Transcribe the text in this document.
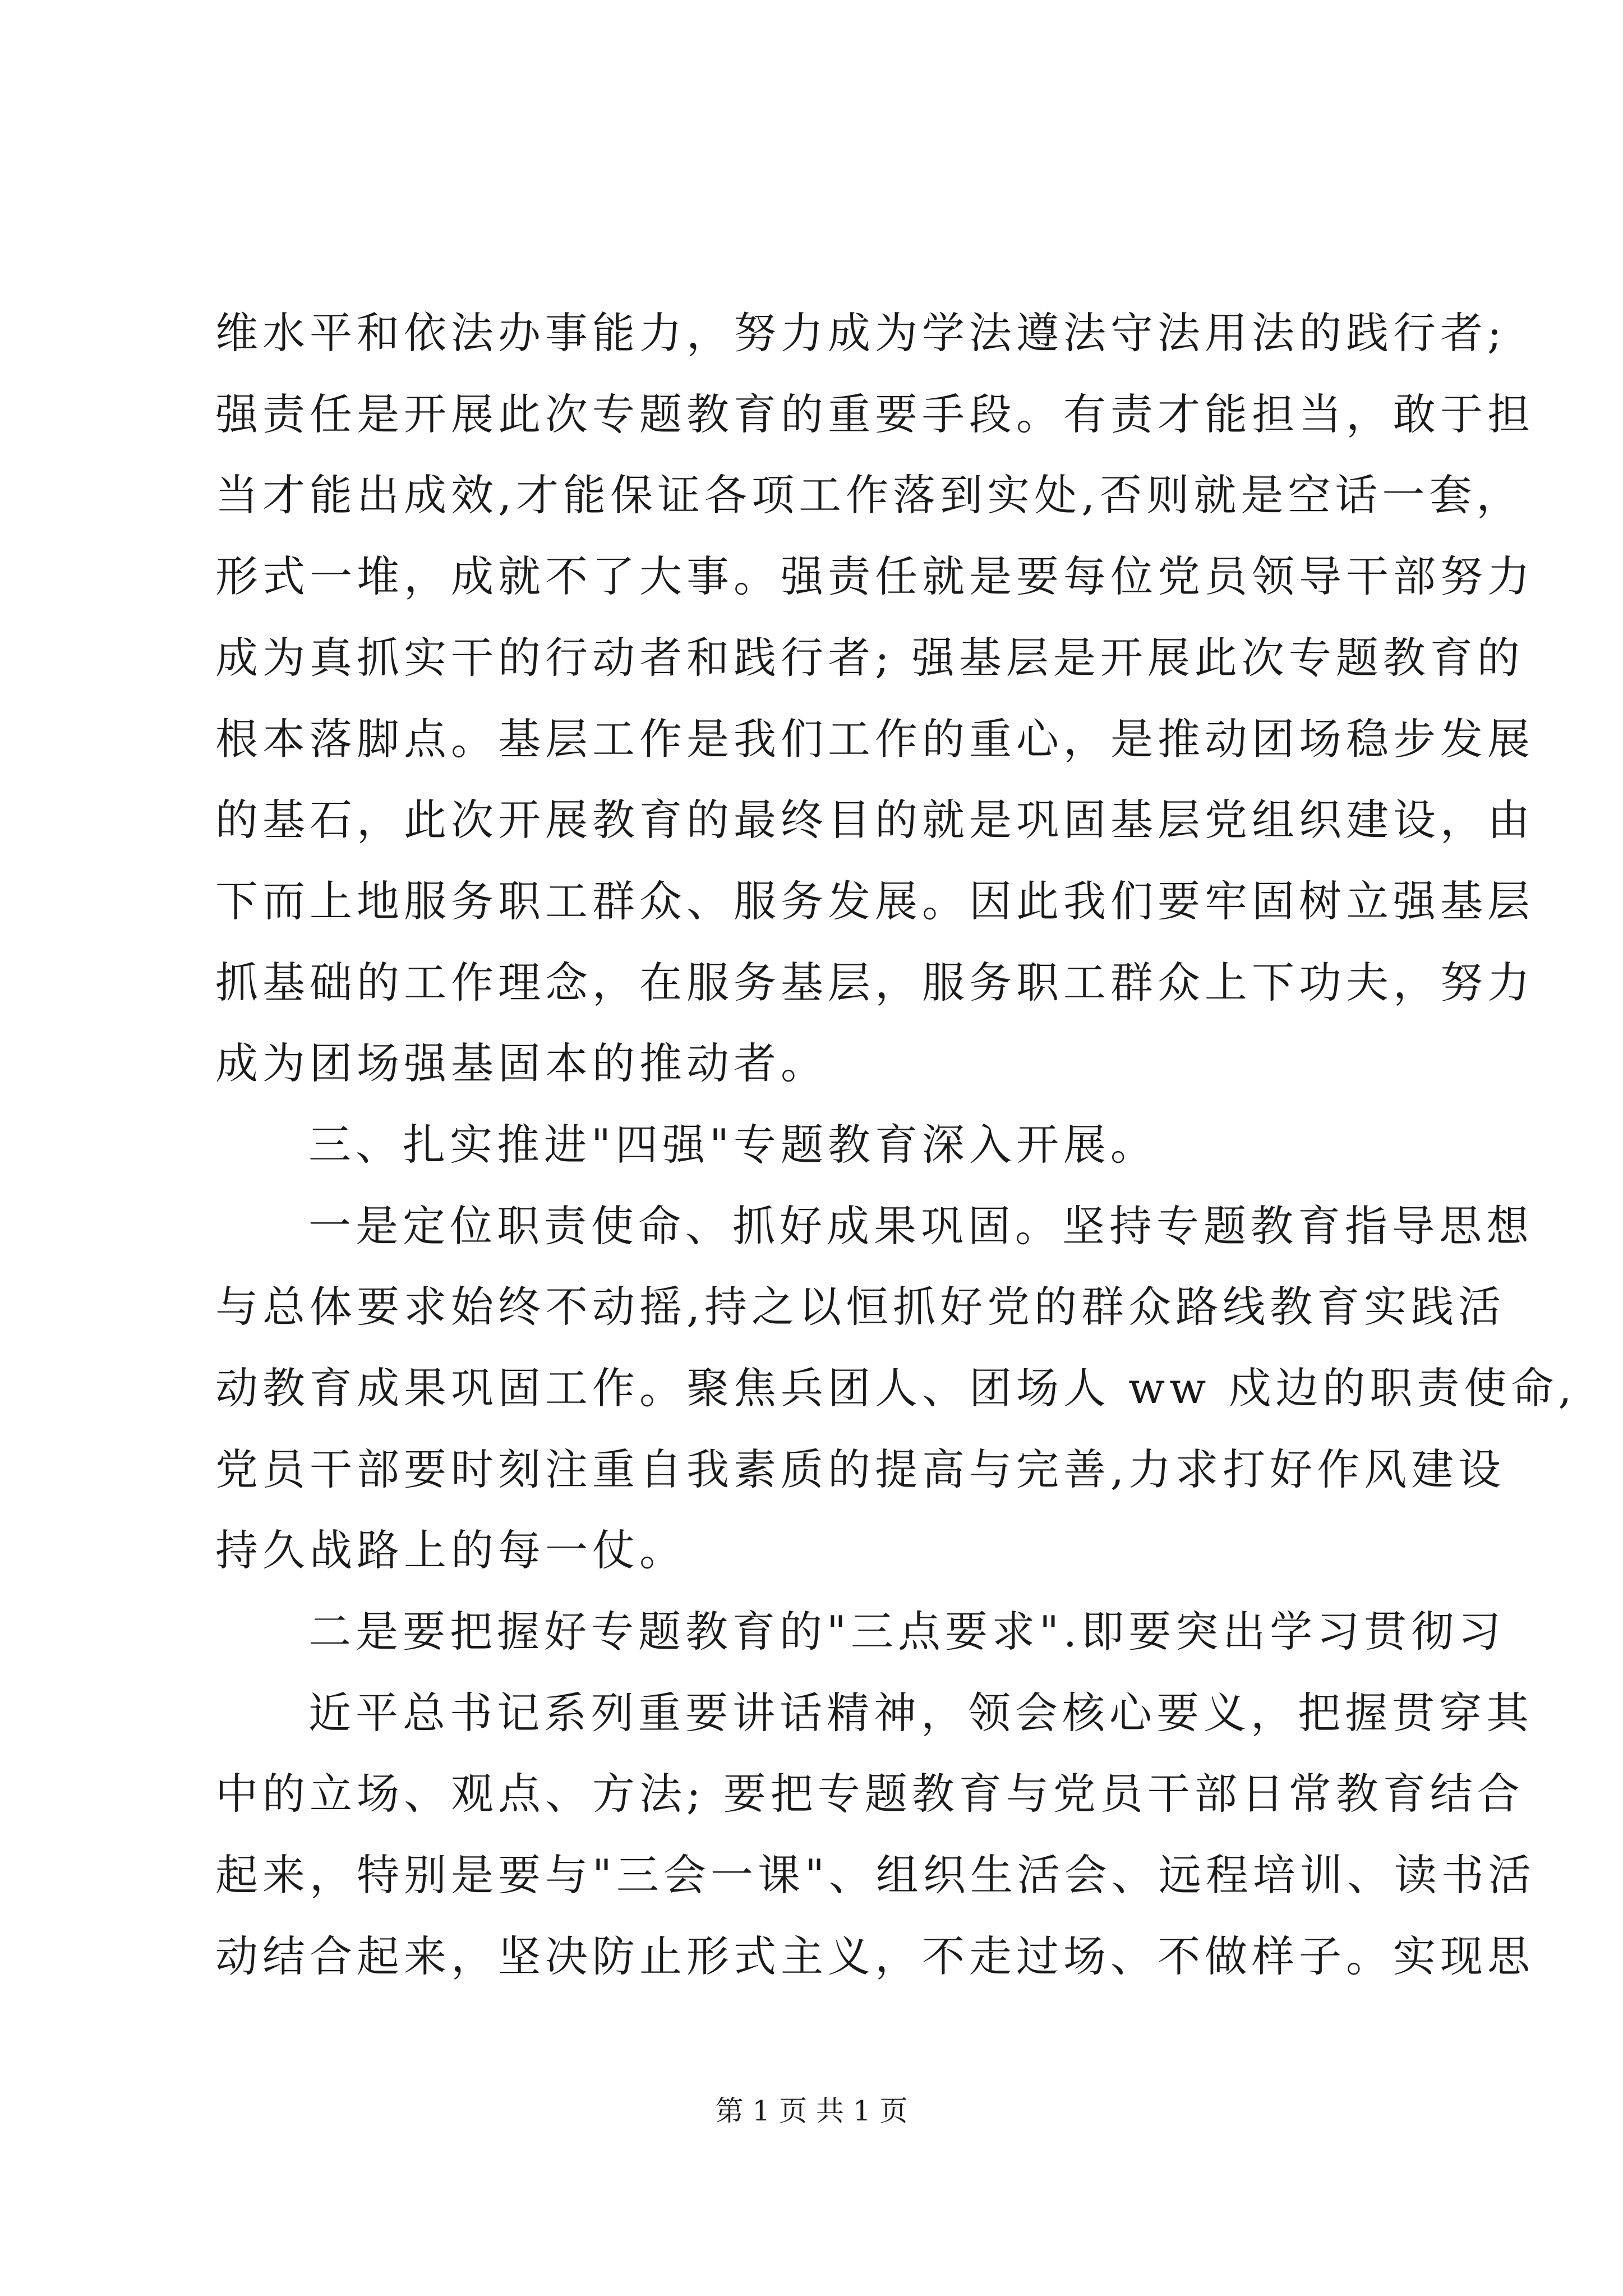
维水平和依法办事能力，努力成为学法遵法守法用法的践行者;
强责任是开展此次专题教育的重要手段。有责才能担当，敢于担
当才能出成效,才能保证各项工作落到实处,否则就是空话一套，
形式一堆，成就不了大事。强责任就是要每位党员领导干部努力
成为真抓实干的行动者和践行者; 强基层是开展此次专题教育的
根本落脚点。基层工作是我们工作的重心，是推动团场稳步发展
的基石，此次开展教育的最终目的就是巩固基层党组织建设，由
下而上地服务职工群众、服务发展。因此我们要牢固树立强基层
抓基础的工作理念，在服务基层，服务职工群众上下功夫，努力
成为团场强基固本的推动者。
三、扎实推进"四强"专题教育深入开展。
一是定位职责使命、抓好成果巩固。坚持专题教育指导思想
与总体要求始终不动摇,持之以恒抓好党的群众路线教育实践活
动教育成果巩固工作。聚焦兵团人、团场人 ww 戍边的职责使命,
党员干部要时刻注重自我素质的提高与完善,力求打好作风建设
持久战路上的每一仗。
二是要把握好专题教育的"三点要求".即要突出学习贯彻习
近平总书记系列重要讲话精神，领会核心要义，把握贯穿其
中的立场、观点、方法; 要把专题教育与党员干部日常教育结合
起来，特别是要与"三会一课"、组织生活会、远程培训、读书活
动结合起来，坚决防止形式主义，不走过场、不做样子。实现思
第 1 页 共 1 页
